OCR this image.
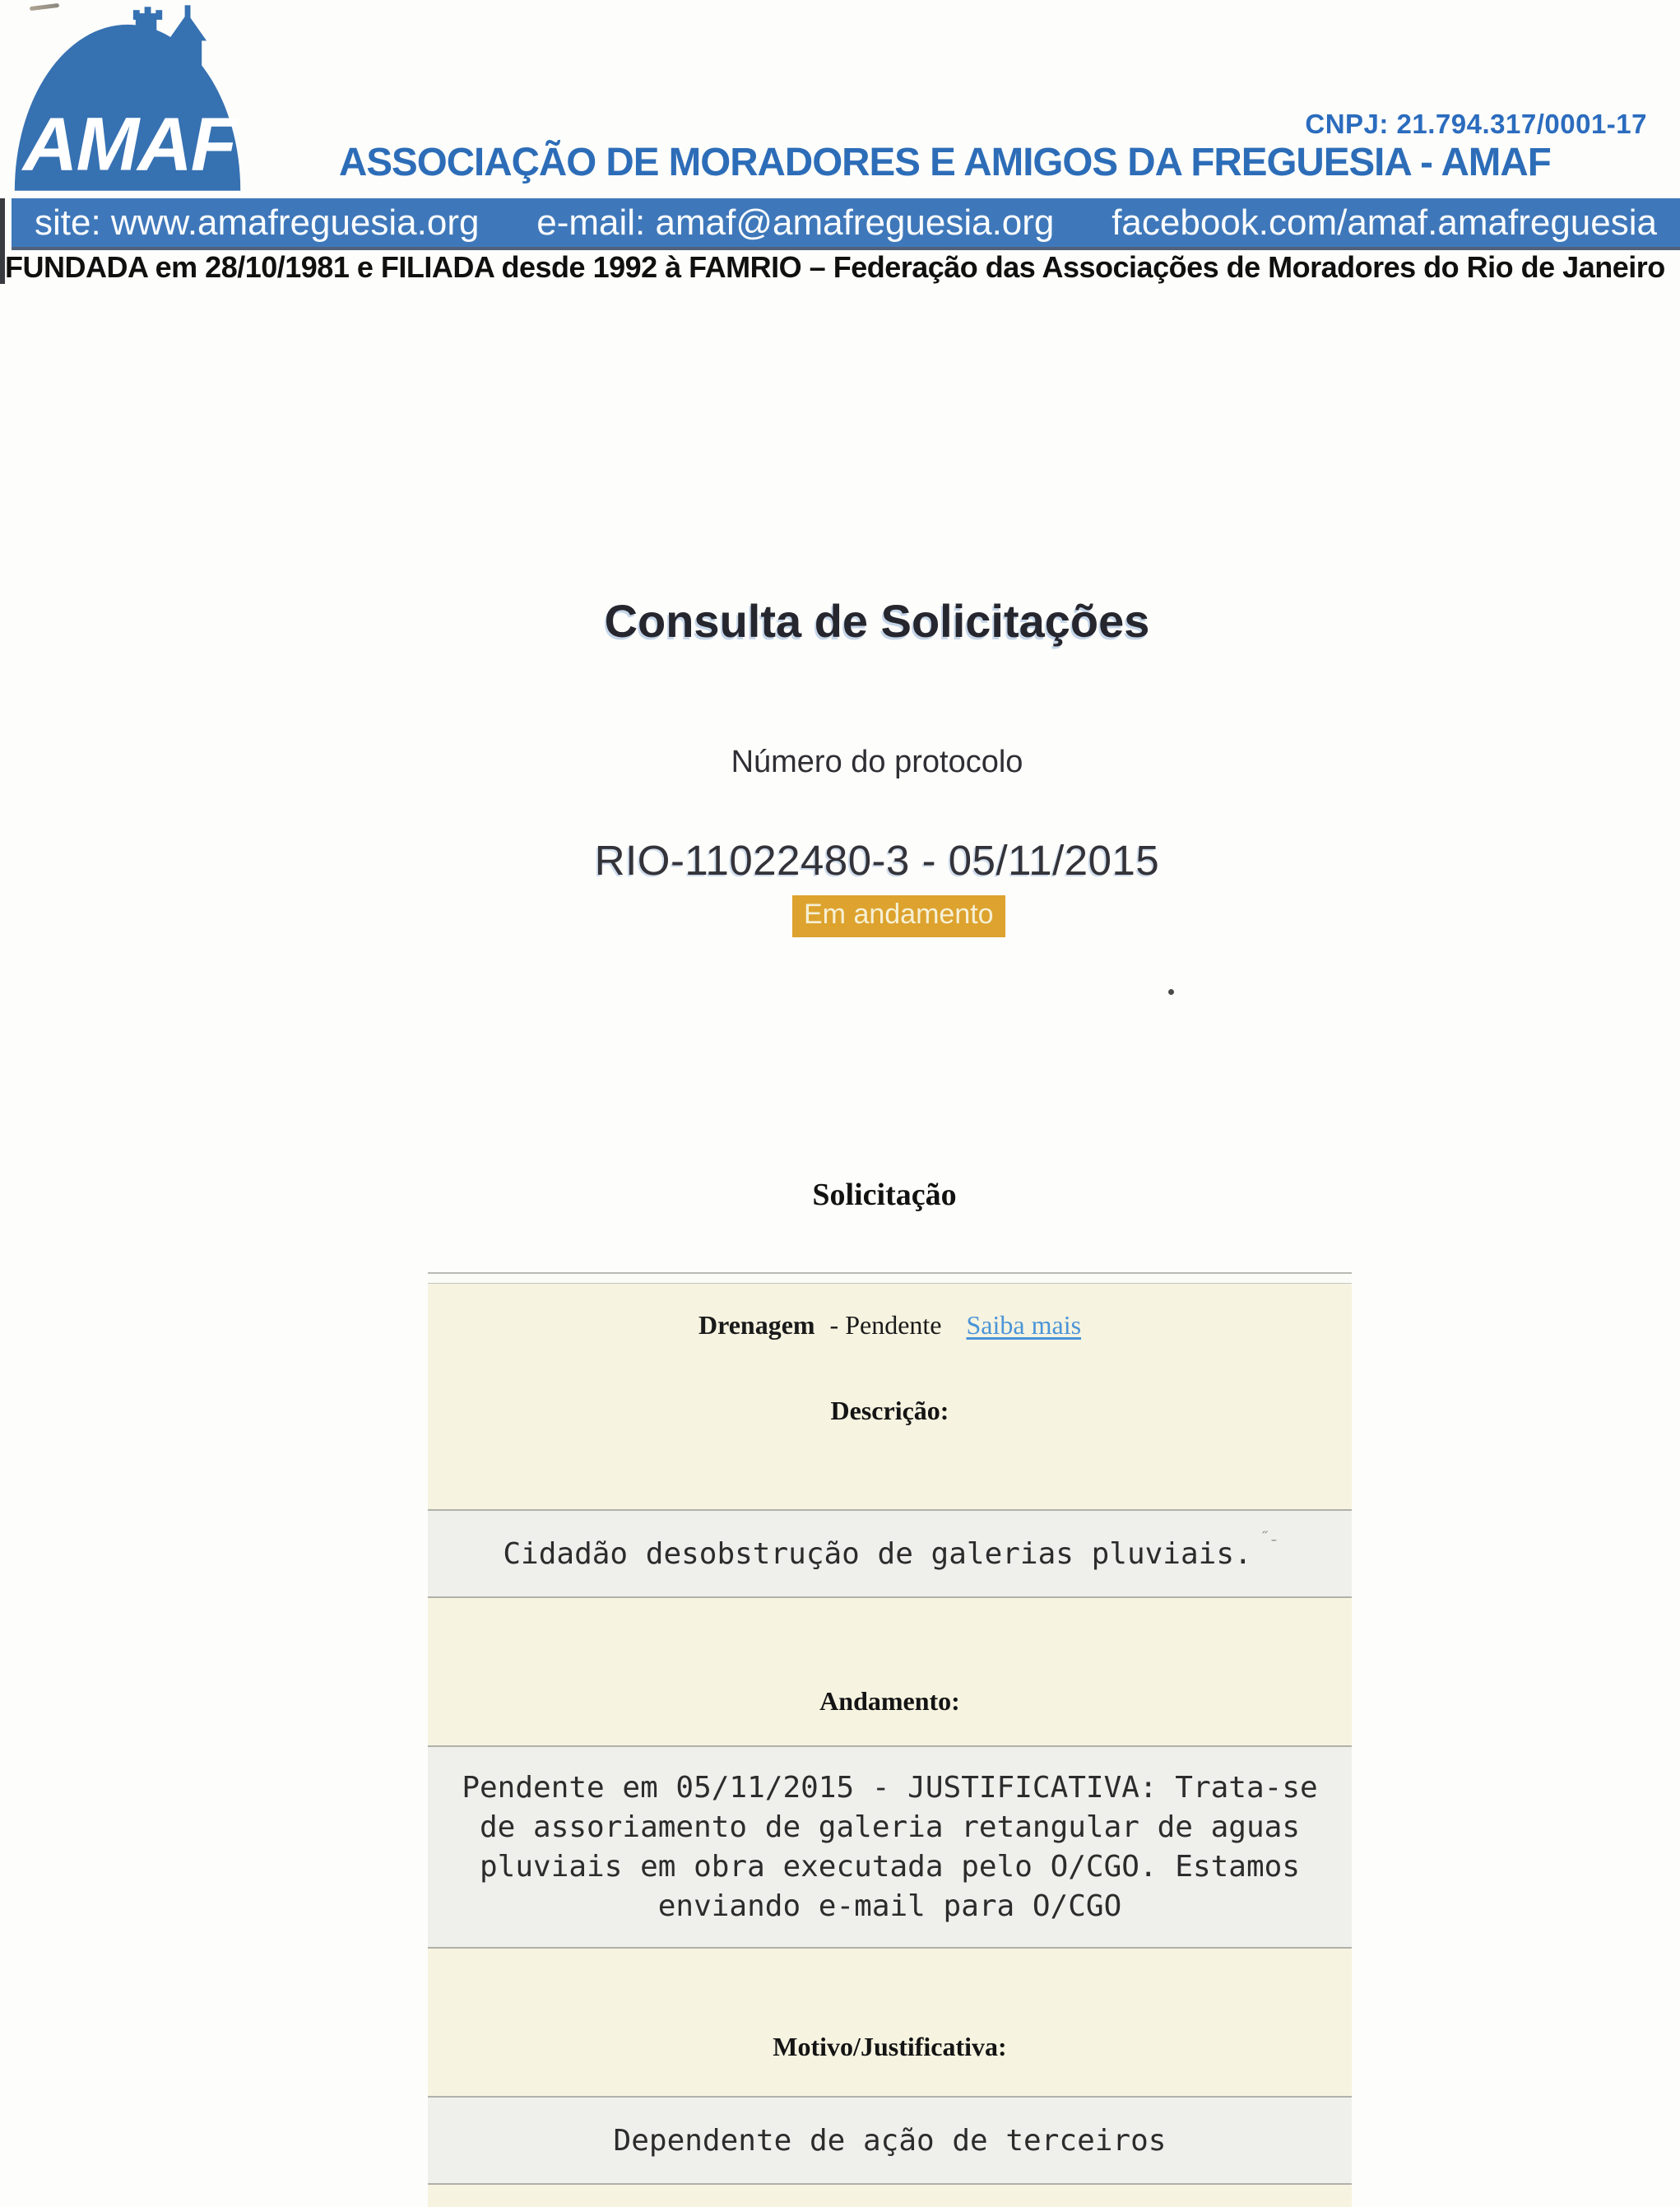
AMAF	CNPJ: 21.794.317/0001-17
ASSOCIAÇÃO DE MORADORES E AMIGOS DA FREGUESIA - AMAF
site: www.amafreguesia.org e-mail: amaf@amafreguesia.org facebook.com/amaf.amafreguesia
FUNDADA em 28/10/1981 e FILIADA desde 1992 à FAMRIO – Federação das Associações de Moradores do Rio de Janeiro
Consulta de Solicitações
Número do protocolo
RIO-11022480-3 - 05/11/2015
Em andamento
Solicitação
Drenagem - Pendente Saiba mais
Descrição:
Cidadão desobstrução de galerias pluviais.
˝ ˗
Andamento:
Pendente em 05/11/2015 - JUSTIFICATIVA: Trata-se de assoriamento de galeria retangular de aguas pluviais em obra executada pelo O/CGO. Estamos enviando e-mail para O/CGO
Motivo/Justificativa:
Dependente de ação de terceiros
